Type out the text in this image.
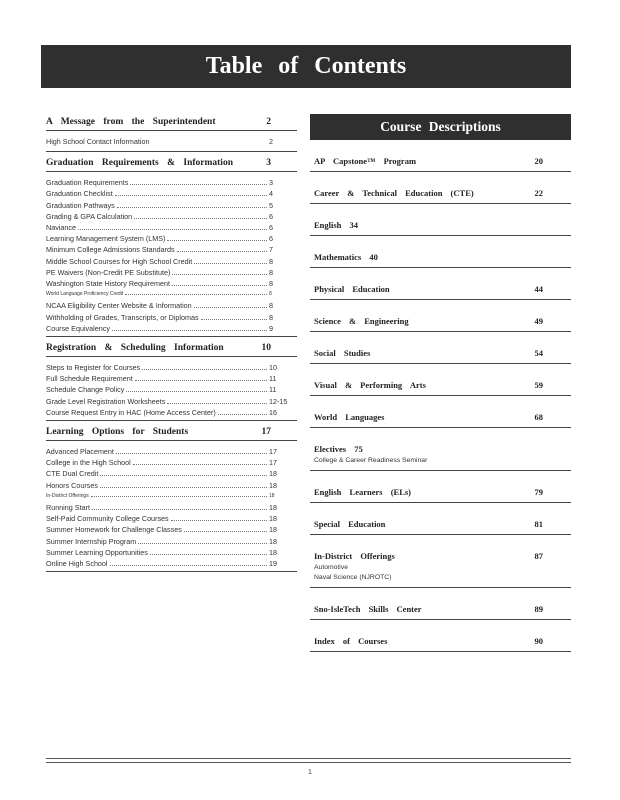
Table of Contents
A Message from the Superintendent	2
High School Contact Information	2
Graduation Requirements & Information	3
Graduation Requirements	3
Graduation Checklist	4
Graduation Pathways	5
Grading & GPA Calculation	6
Naviance	6
Learning Management System (LMS)	6
Minimum College Admissions Standards	7
Middle School Courses for High School Credit	8
PE Waivers (Non-Credit PE Substitute)	8
Washington State History Requirement	8
World Language Proficiency Credit	8
NCAA Eligibility Center Website & Information	8
Withholding of Grades, Transcripts, or Diplomas	8
Course Equivalency	9
Registration & Scheduling Information	10
Steps to Register for Courses	10
Full Schedule Requirement	11
Schedule Change Policy	11
Grade Level Registration Worksheets	12-15
Course Request Entry in HAC (Home Access Center)	16
Learning Options for Students	17
Advanced Placement	17
College in the High School	17
CTE Dual Credit	18
Honors Courses	18
In-District Offerings	18
Running Start	18
Self-Paid Community College Courses	18
Summer Homework for Challenge Classes	18
Summer Internship Program	18
Summer Learning Opportunities	18
Online High School	19
Course Descriptions
AP Capstone™ Program	20
Career & Technical Education (CTE)	22
English 34
Mathematics 40
Physical Education	44
Science & Engineering	49
Social Studies	54
Visual & Performing Arts	59
World Languages	68
Electives 75
College & Career Readiness Seminar
English Learners (ELs)	79
Special Education	81
In-District Offerings	87
Automotive
Naval Science (NJROTC)
Sno-IsleTech Skills Center	89
Index of Courses	90
1
